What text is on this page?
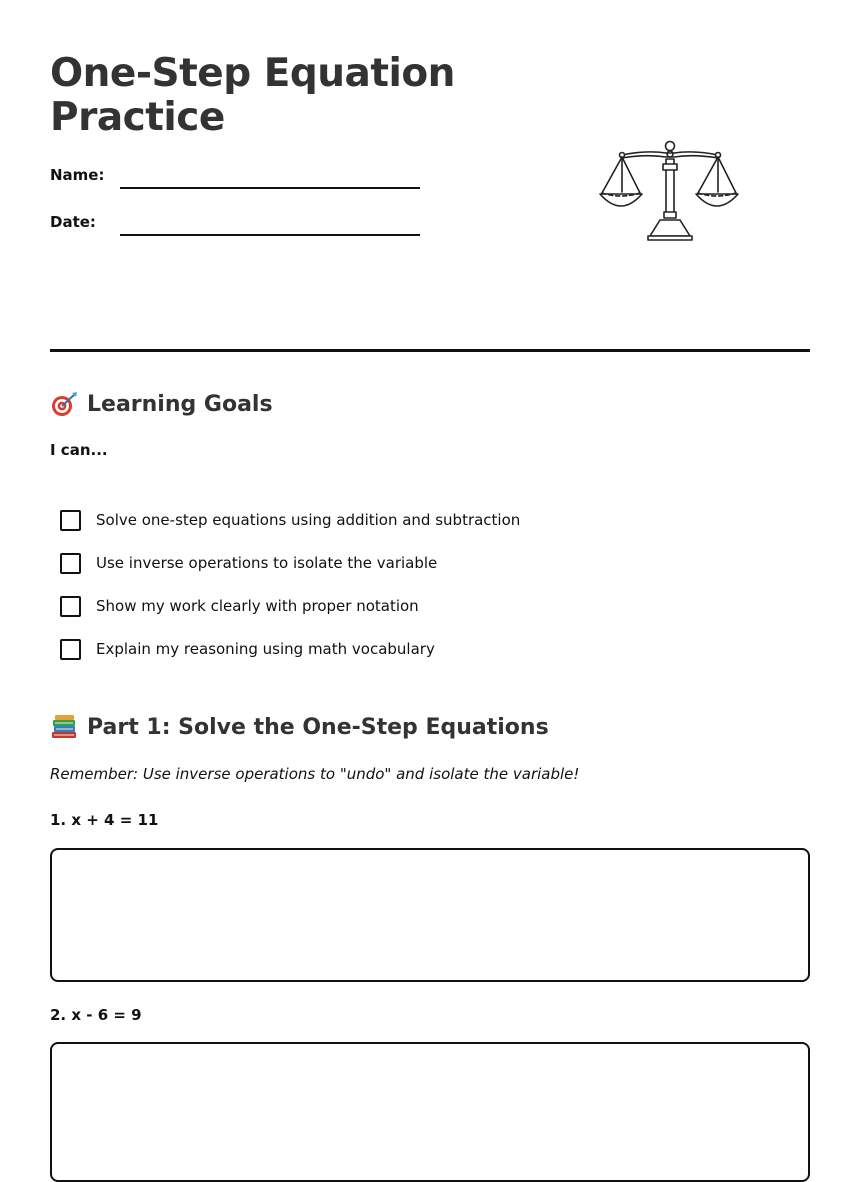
One-Step Equation Practice
Name:
Date:
Learning Goals
I can...
Solve one-step equations using addition and subtraction
Use inverse operations to isolate the variable
Show my work clearly with proper notation
Explain my reasoning using math vocabulary
Part 1: Solve the One-Step Equations
Remember: Use inverse operations to "undo" and isolate the variable!
1. x + 4 = 11
2. x - 6 = 9
